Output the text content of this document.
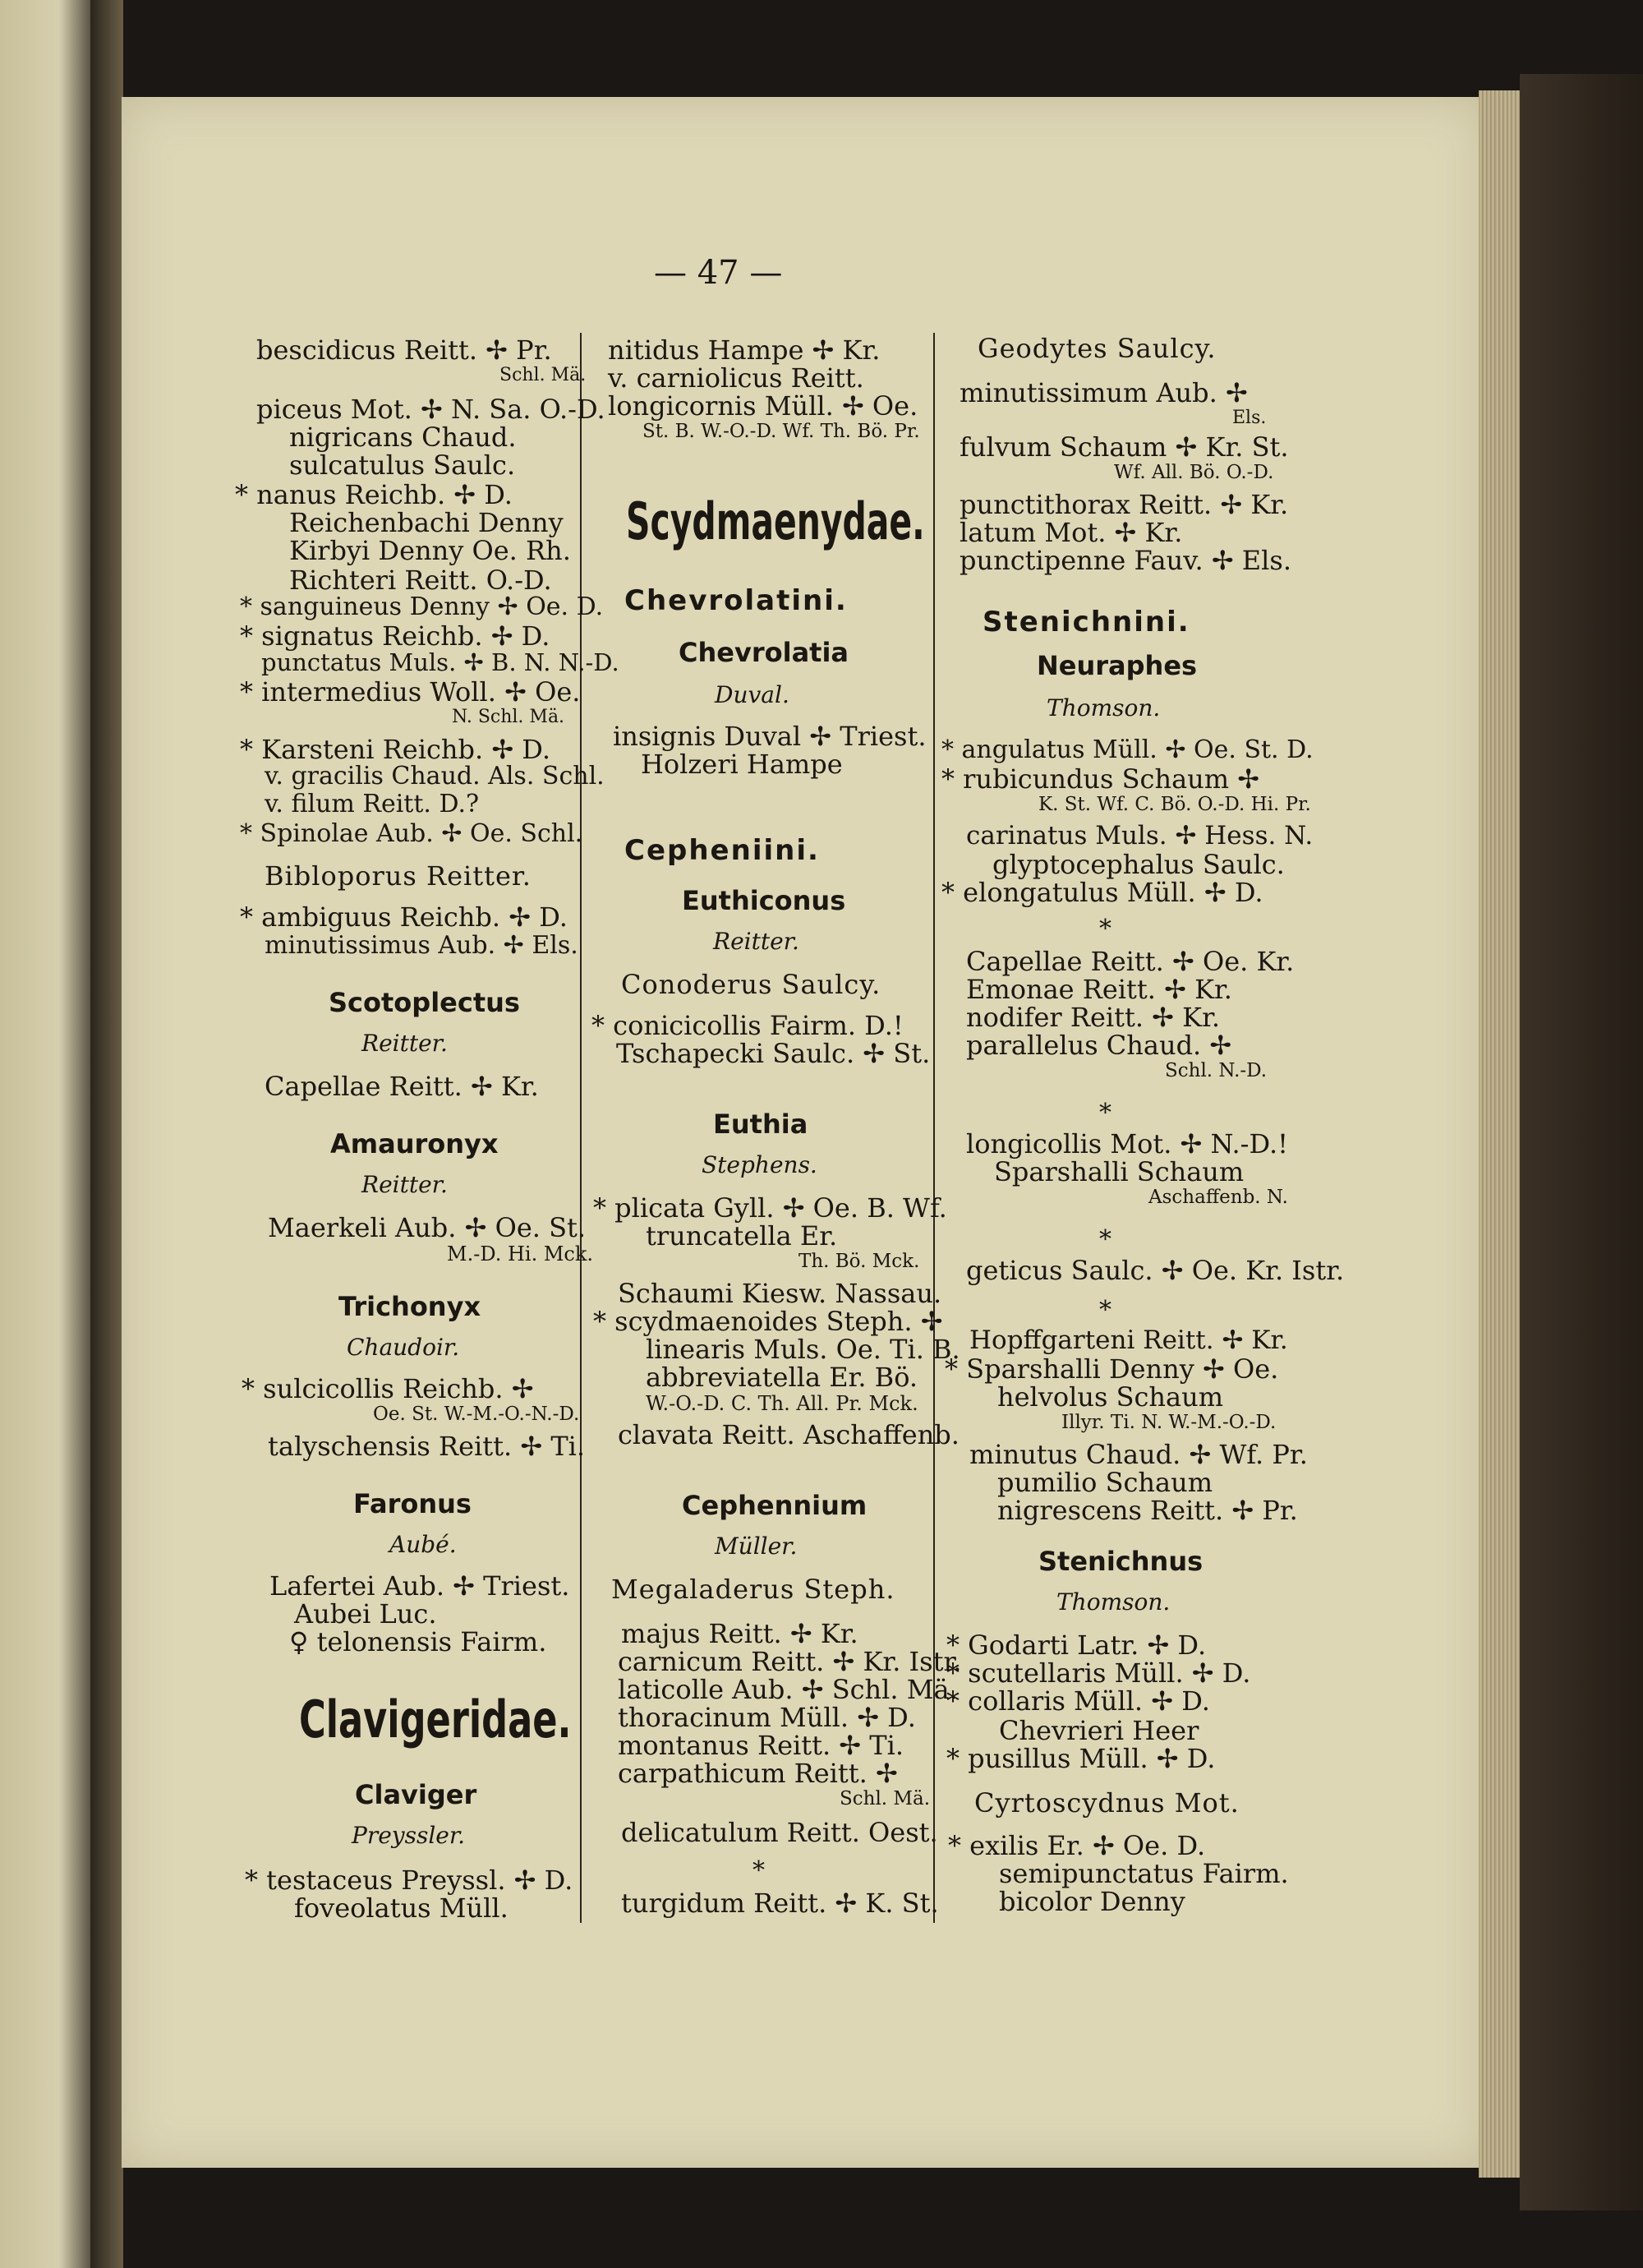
— 47 —
bescidicus Reitt. ✢ Pr.
Schl. Mä.
piceus Mot. ✢ N. Sa. O.-D.
nigricans Chaud.
sulcatulus Saulc.
* nanus Reichb. ✢ D.
Reichenbachi Denny
Kirbyi Denny Oe. Rh.
Richteri Reitt. O.-D.
* sanguineus Denny ✢ Oe. D.
* signatus Reichb. ✢ D.
punctatus Muls. ✢ B. N. N.-D.
* intermedius Woll. ✢ Oe.
N. Schl. Mä.
* Karsteni Reichb. ✢ D.
v. gracilis Chaud. Als. Schl.
v. filum Reitt. D.?
* Spinolae Aub. ✢ Oe. Schl.
Bibloporus Reitter.
* ambiguus Reichb. ✢ D.
minutissimus Aub. ✢ Els.
Scotoplectus
Reitter.
Capellae Reitt. ✢ Kr.
Amauronyx
Reitter.
Maerkeli Aub. ✢ Oe. St.
M.-D. Hi. Mck.
Trichonyx
Chaudoir.
* sulcicollis Reichb. ✢
Oe. St. W.-M.-O.-N.-D.
talyschensis Reitt. ✢ Ti.
Faronus
Aubé.
Lafertei Aub. ✢ Triest.
Aubei Luc.
♀ telonensis Fairm.
Clavigeridae.
Claviger
Preyssler.
* testaceus Preyssl. ✢ D.
foveolatus Müll.
nitidus Hampe ✢ Kr.
v. carniolicus Reitt.
longicornis Müll. ✢ Oe.
St. B. W.-O.-D. Wf. Th. Bö. Pr.
Scydmaenydae.
Chevrolatini.
Chevrolatia
Duval.
insignis Duval ✢ Triest.
Holzeri Hampe
Cepheniini.
Euthiconus
Reitter.
Conoderus Saulcy.
* conicicollis Fairm. D.!
Tschapecki Saulc. ✢ St.
Euthia
Stephens.
* plicata Gyll. ✢ Oe. B. Wf.
truncatella Er.
Th. Bö. Mck.
Schaumi Kiesw. Nassau.
* scydmaenoides Steph. ✢
linearis Muls. Oe. Ti. B.
abbreviatella Er. Bö.
W.-O.-D. C. Th. All. Pr. Mck.
clavata Reitt. Aschaffenb.
Cephennium
Müller.
Megaladerus Steph.
majus Reitt. ✢ Kr.
carnicum Reitt. ✢ Kr. Istr.
laticolle Aub. ✢ Schl. Mä.
thoracinum Müll. ✢ D.
montanus Reitt. ✢ Ti.
carpathicum Reitt. ✢
Schl. Mä.
delicatulum Reitt. Oest.
*
turgidum Reitt. ✢ K. St.
Geodytes Saulcy.
minutissimum Aub. ✢
Els.
fulvum Schaum ✢ Kr. St.
Wf. All. Bö. O.-D.
punctithorax Reitt. ✢ Kr.
latum Mot. ✢ Kr.
punctipenne Fauv. ✢ Els.
Stenichnini.
Neuraphes
Thomson.
* angulatus Müll. ✢ Oe. St. D.
* rubicundus Schaum ✢
K. St. Wf. C. Bö. O.-D. Hi. Pr.
carinatus Muls. ✢ Hess. N.
glyptocephalus Saulc.
* elongatulus Müll. ✢ D.
*
Capellae Reitt. ✢ Oe. Kr.
Emonae Reitt. ✢ Kr.
nodifer Reitt. ✢ Kr.
parallelus Chaud. ✢
Schl. N.-D.
*
longicollis Mot. ✢ N.-D.!
Sparshalli Schaum
Aschaffenb. N.
*
geticus Saulc. ✢ Oe. Kr. Istr.
*
Hopffgarteni Reitt. ✢ Kr.
* Sparshalli Denny ✢ Oe.
helvolus Schaum
Illyr. Ti. N. W.-M.-O.-D.
minutus Chaud. ✢ Wf. Pr.
pumilio Schaum
nigrescens Reitt. ✢ Pr.
Stenichnus
Thomson.
* Godarti Latr. ✢ D.
* scutellaris Müll. ✢ D.
* collaris Müll. ✢ D.
Chevrieri Heer
* pusillus Müll. ✢ D.
Cyrtoscydnus Mot.
* exilis Er. ✢ Oe. D.
semipunctatus Fairm.
bicolor Denny
